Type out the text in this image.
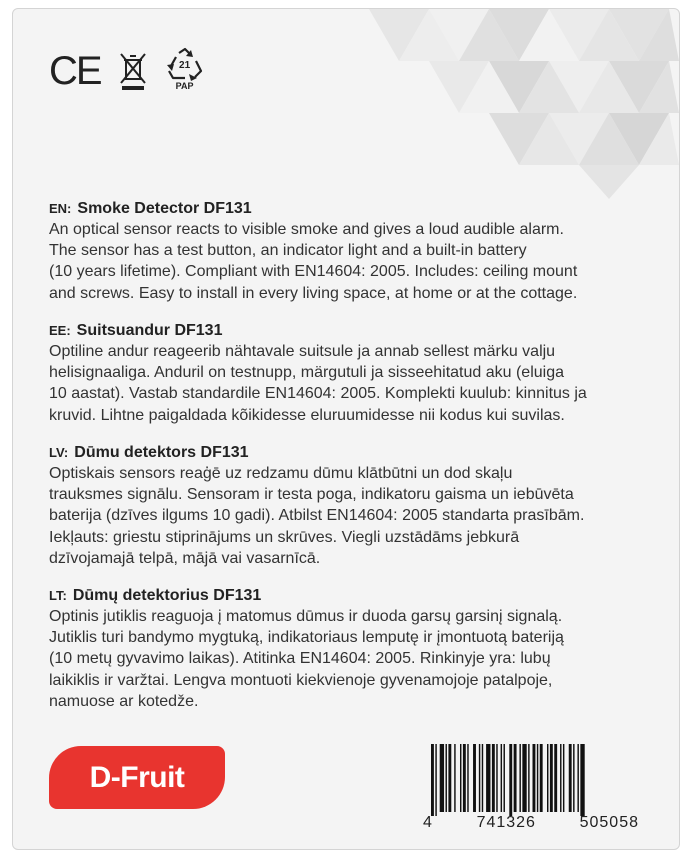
CE	21
PAP
EN: Smoke Detector DF131

An optical sensor reacts to visible smoke and gives a loud audible alarm.
The sensor has a test button, an indicator light and a built-in battery
(10 years lifetime). Compliant with EN14604: 2005. Includes: ceiling mount
and screws. Easy to install in every living space, at home or at the cottage.

EE: Suitsuandur DF131

Optiline andur reageerib nähtavale suitsule ja annab sellest märku valju
helisignaaliga. Anduril on testnupp, märgutuli ja sisseehitatud aku (eluiga
10 aastat). Vastab standardile EN14604: 2005. Komplekti kuulub: kinnitus ja
kruvid. Lihtne paigaldada kõikidesse eluruumidesse nii kodus kui suvilas.

LV: Dūmu detektors DF131

Optiskais sensors reaģē uz redzamu dūmu klātbūtni un dod skaļu
trauksmes signālu. Sensoram ir testa poga, indikatoru gaisma un iebūvēta
baterija (dzīves ilgums 10 gadi). Atbilst EN14604: 2005 standarta prasībām.
Iekļauts: griestu stiprinājums un skrūves. Viegli uzstādāms jebkurā
dzīvojamajā telpā, mājā vai vasarnīcā.

LT: Dūmų detektorius DF131

Optinis jutiklis reaguoja į matomus dūmus ir duoda garsų garsinį signalą.
Jutiklis turi bandymo mygtuką, indikatoriaus lemputę ir įmontuotą bateriją
(10 metų gyvavimo laikas). Atitinka EN14604: 2005. Rinkinyje yra: lubų
laikiklis ir varžtai. Lengva montuoti kiekvienoje gyvenamojoje patalpoje,
namuose ar kotedže.

D-Fruit
4	741326	505058
